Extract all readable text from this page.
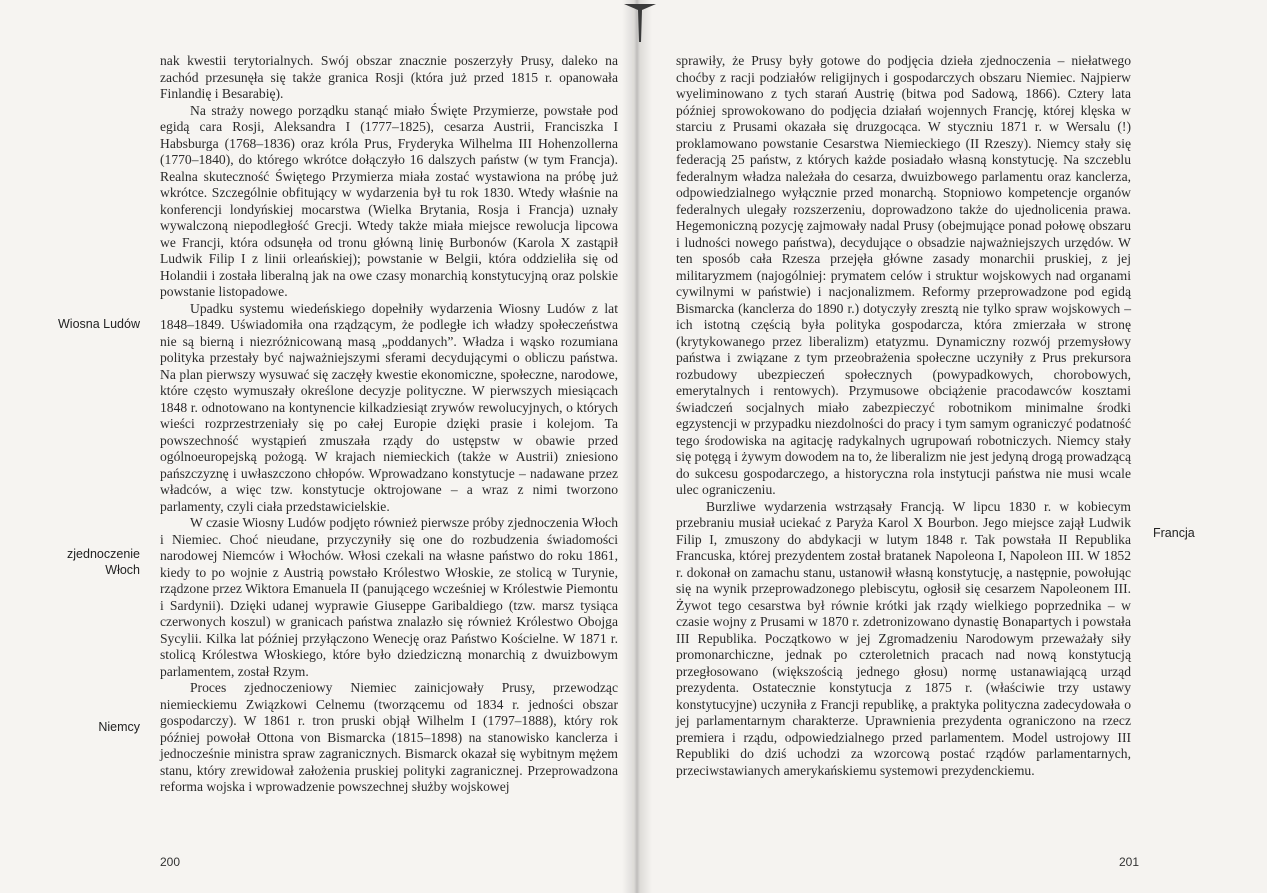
nak kwestii terytorialnych. Swój obszar znacznie poszerzyły Prusy, daleko na zachód przesunęła się także granica Rosji (która już przed 1815 r. opanowała Finlandię i Besarabię).

Na straży nowego porządku stanąć miało Święte Przymierze, powstałe pod egidą cara Rosji, Aleksandra I (1777–1825), cesarza Austrii, Franciszka I Habsburga (1768–1836) oraz króla Prus, Fryderyka Wilhelma III Hohenzollerna (1770–1840), do którego wkrótce dołączyło 16 dalszych państw (w tym Francja). Realna skuteczność Świętego Przymierza miała zostać wystawiona na próbę już wkrótce. Szczególnie obfitujący w wydarzenia był tu rok 1830. Wtedy właśnie na konferencji londyńskiej mocarstwa (Wielka Brytania, Rosja i Francja) uznały wywalczoną niepodległość Grecji. Wtedy także miała miejsce rewolucja lipcowa we Francji, która odsunęła od tronu główną linię Burbonów (Karola X zastąpił Ludwik Filip I z linii orleańskiej); powstanie w Belgii, która oddzieliła się od Holandii i została liberalną jak na owe czasy monarchią konstytucyjną oraz polskie powstanie listopadowe.

Upadku systemu wiedeńskiego dopełniły wydarzenia Wiosny Ludów z lat 1848–1849. Uświadomiła ona rządzącym, że podległe ich władzy społeczeństwa nie są bierną i niezróżnicowaną masą „poddanych”. Władza i wąsko rozumiana polityka przestały być najważniejszymi sferami decydującymi o obliczu państwa. Na plan pierwszy wysuwać się zaczęły kwestie ekonomiczne, społeczne, narodowe, które często wymuszały określone decyzje polityczne. W pierwszych miesiącach 1848 r. odnotowano na kontynencie kilkadziesiąt zrywów rewolucyjnych, o których wieści rozprzestrzeniały się po całej Europie dzięki prasie i kolejom. Ta powszechność wystąpień zmuszała rządy do ustępstw w obawie przed ogólnoeuropejską pożogą. W krajach niemieckich (także w Austrii) zniesiono pańszczyznę i uwłaszczono chłopów. Wprowadzano konstytucje – nadawane przez władców, a więc tzw. konstytucje oktrojowane – a wraz z nimi tworzono parlamenty, czyli ciała przedstawicielskie.

W czasie Wiosny Ludów podjęto również pierwsze próby zjednoczenia Włoch i Niemiec. Choć nieudane, przyczyniły się one do rozbudzenia świadomości narodowej Niemców i Włochów. Włosi czekali na własne państwo do roku 1861, kiedy to po wojnie z Austrią powstało Królestwo Włoskie, ze stolicą w Turynie, rządzone przez Wiktora Emanuela II (panującego wcześniej w Królestwie Piemontu i Sardynii). Dzięki udanej wyprawie Giuseppe Garibaldiego (tzw. marsz tysiąca czerwonych koszul) w granicach państwa znalazło się również Królestwo Obojga Sycylii. Kilka lat później przyłączono Wenecję oraz Państwo Kościelne. W 1871 r. stolicą Królestwa Włoskiego, które było dziedziczną monarchią z dwuizbowym parlamentem, został Rzym.

Proces zjednoczeniowy Niemiec zainicjowały Prusy, przewodząc niemieckiemu Związkowi Celnemu (tworzącemu od 1834 r. jedności obszar gospodarczy). W 1861 r. tron pruski objął Wilhelm I (1797–1888), który rok później powołał Ottona von Bismarcka (1815–1898) na stanowisko kanclerza i jednocześnie ministra spraw zagranicznych. Bismarck okazał się wybitnym mężem stanu, który zrewidował założenia pruskiej polityki zagranicznej. Przeprowadzona reforma wojska i wprowadzenie powszechnej służby wojskowej

200	201

sprawiły, że Prusy były gotowe do podjęcia dzieła zjednoczenia – niełatwego choćby z racji podziałów religijnych i gospodarczych obszaru Niemiec. Najpierw wyeliminowano z tych starań Austrię (bitwa pod Sadową, 1866). Cztery lata później sprowokowano do podjęcia działań wojennych Francję, której klęska w starciu z Prusami okazała się druzgocąca. W styczniu 1871 r. w Wersalu (!) proklamowano powstanie Cesarstwa Niemieckiego (II Rzeszy). Niemcy stały się federacją 25 państw, z których każde posiadało własną konstytucję. Na szczeblu federalnym władza należała do cesarza, dwuizbowego parlamentu oraz kanclerza, odpowiedzialnego wyłącznie przed monarchą. Stopniowo kompetencje organów federalnych ulegały rozszerzeniu, doprowadzono także do ujednolicenia prawa. Hegemoniczną pozycję zajmowały nadal Prusy (obejmujące ponad połowę obszaru i ludności nowego państwa), decydujące o obsadzie najważniejszych urzędów. W ten sposób cała Rzesza przejęła główne zasady monarchii pruskiej, z jej militaryzmem (najogólniej: prymatem celów i struktur wojskowych nad organami cywilnymi w państwie) i nacjonalizmem. Reformy przeprowadzone pod egidą Bismarcka (kanclerza do 1890 r.) dotyczyły zresztą nie tylko spraw wojskowych – ich istotną częścią była polityka gospodarcza, która zmierzała w stronę (krytykowanego przez liberalizm) etatyzmu. Dynamiczny rozwój przemysłowy państwa i związane z tym przeobrażenia społeczne uczyniły z Prus prekursora rozbudowy ubezpieczeń społecznych (powypadkowych, chorobowych, emerytalnych i rentowych). Przymusowe obciążenie pracodawców kosztami świadczeń socjalnych miało zabezpieczyć robotnikom minimalne środki egzystencji w przypadku niezdolności do pracy i tym samym ograniczyć podatność tego środowiska na agitację radykalnych ugrupowań robotniczych. Niemcy stały się potęgą i żywym dowodem na to, że liberalizm nie jest jedyną drogą prowadzącą do sukcesu gospodarczego, a historyczna rola instytucji państwa nie musi wcale ulec ograniczeniu.

Burzliwe wydarzenia wstrząsały Francją. W lipcu 1830 r. w kobiecym przebraniu musiał uciekać z Paryża Karol X Bourbon. Jego miejsce zajął Ludwik Filip I, zmuszony do abdykacji w lutym 1848 r. Tak powstała II Republika Francuska, której prezydentem został bratanek Napoleona I, Napoleon III. W 1852 r. dokonał on zamachu stanu, ustanowił własną konstytucję, a następnie, powołując się na wynik przeprowadzonego plebiscytu, ogłosił się cesarzem Napoleonem III. Żywot tego cesarstwa był równie krótki jak rządy wielkiego poprzednika – w czasie wojny z Prusami w 1870 r. zdetronizowano dynastię Bonapartych i powstała III Republika. Początkowo w jej Zgromadzeniu Narodowym przeważały siły promonarchiczne, jednak po czteroletnich pracach nad nową konstytucją przegłosowano (większością jednego głosu) normę ustanawiającą urząd prezydenta. Ostatecznie konstytucja z 1875 r. (właściwie trzy ustawy konstytucyjne) uczyniła z Francji republikę, a praktyka polityczna zadecydowała o jej parlamentarnym charakterze. Uprawnienia prezydenta ograniczono na rzecz premiera i rządu, odpowiedzialnego przed parlamentem. Model ustrojowy III Republiki do dziś uchodzi za wzorcową postać rządów parlamentarnych, przeciwstawianych amerykańskiemu systemowi prezydenckiemu.

Wiosna Ludów
zjednoczenie
Włoch
Niemcy
Francja
